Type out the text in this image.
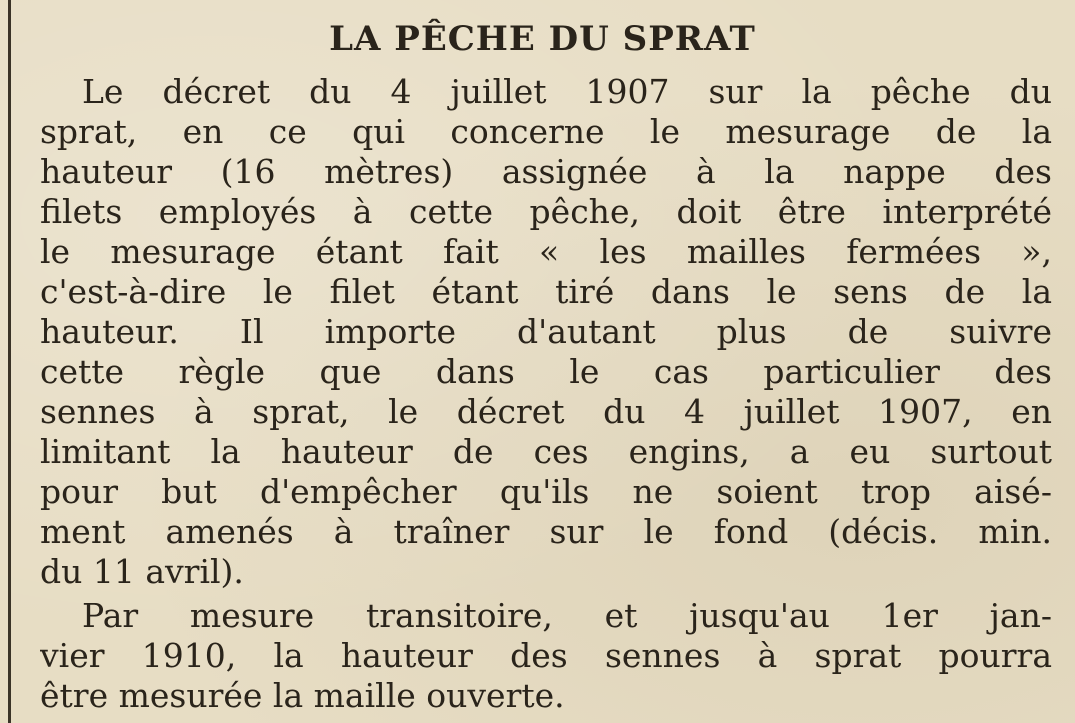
LA PÊCHE DU SPRAT
Le décret du 4 juillet 1907 sur la pêche du
sprat, en ce qui concerne le mesurage de la
hauteur (16 mètres) assignée à la nappe des
filets employés à cette pêche, doit être interprété
le mesurage étant fait « les mailles fermées »,
c'est-à-dire le filet étant tiré dans le sens de la
hauteur. Il importe d'autant plus de suivre
cette règle que dans le cas particulier des
sennes à sprat, le décret du 4 juillet 1907, en
limitant la hauteur de ces engins, a eu surtout
pour but d'empêcher qu'ils ne soient trop aisé-
ment amenés à traîner sur le fond (décis. min.
du 11 avril).
Par mesure transitoire, et jusqu'au 1er jan-
vier 1910, la hauteur des sennes à sprat pourra
être mesurée la maille ouverte.
